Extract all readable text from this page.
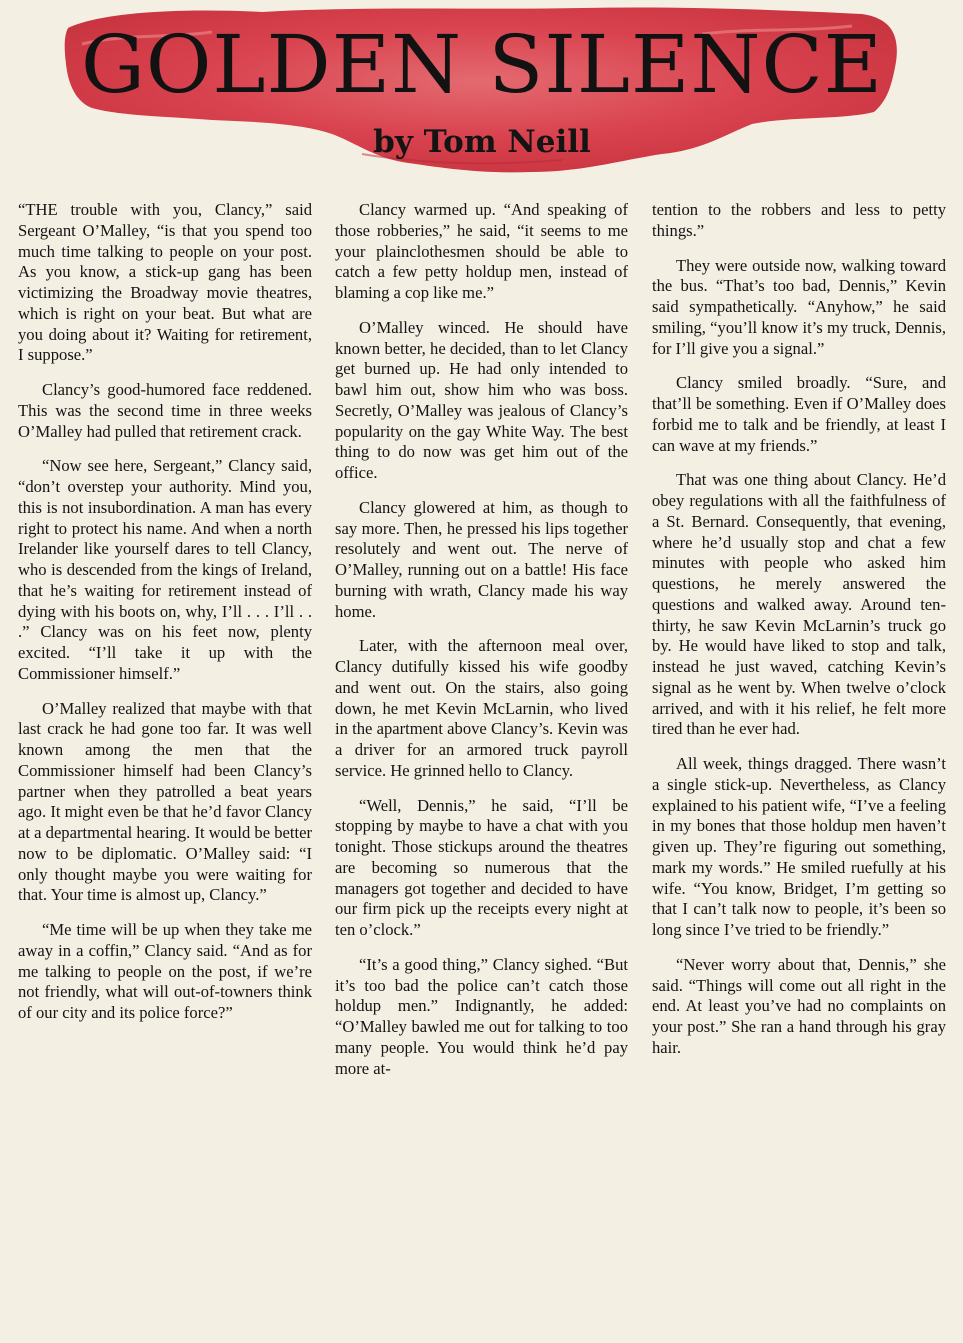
GOLDEN SILENCE
by Tom Neill

“THE trouble with you, Clancy,” said Sergeant O’Malley, “is that you spend too much time talking to people on your post. As you know, a stick-up gang has been victimizing the Broadway movie theatres, which is right on your beat. But what are you doing about it? Waiting for retirement, I suppose.”

Clancy’s good-humored face reddened. This was the second time in three weeks O’Malley had pulled that retirement crack.

“Now see here, Sergeant,” Clancy said, “don’t overstep your authority. Mind you, this is not insubordination. A man has every right to protect his name. And when a north Irelander like yourself dares to tell Clancy, who is descended from the kings of Ireland, that he’s waiting for retirement instead of dying with his boots on, why, I’ll . . . I’ll . . .” Clancy was on his feet now, plenty excited. “I’ll take it up with the Commissioner himself.”

O’Malley realized that maybe with that last crack he had gone too far. It was well known among the men that the Commissioner himself had been Clancy’s partner when they patrolled a beat years ago. It might even be that he’d favor Clancy at a departmental hearing. It would be better now to be diplomatic. O’Malley said: “I only thought maybe you were waiting for that. Your time is almost up, Clancy.”

“Me time will be up when they take me away in a coffin,” Clancy said. “And as for me talking to people on the post, if we’re not friendly, what will out-of-towners think of our city and its police force?”

Clancy warmed up. “And speaking of those robberies,” he said, “it seems to me your plainclothesmen should be able to catch a few petty holdup men, instead of blaming a cop like me.”

O’Malley winced. He should have known better, he decided, than to let Clancy get burned up. He had only intended to bawl him out, show him who was boss. Secretly, O’Malley was jealous of Clancy’s popularity on the gay White Way. The best thing to do now was get him out of the office.

Clancy glowered at him, as though to say more. Then, he pressed his lips together resolutely and went out. The nerve of O’Malley, running out on a battle! His face burning with wrath, Clancy made his way home.

Later, with the afternoon meal over, Clancy dutifully kissed his wife goodby and went out. On the stairs, also going down, he met Kevin McLarnin, who lived in the apartment above Clancy’s. Kevin was a driver for an armored truck payroll service. He grinned hello to Clancy.

“Well, Dennis,” he said, “I’ll be stopping by maybe to have a chat with you tonight. Those stickups around the theatres are becoming so numerous that the managers got together and decided to have our firm pick up the receipts every night at ten o’clock.”

“It’s a good thing,” Clancy sighed. “But it’s too bad the police can’t catch those holdup men.” Indignantly, he added: “O’Malley bawled me out for talking to too many people. You would think he’d pay more at-

tention to the robbers and less to petty things.”

They were outside now, walking toward the bus. “That’s too bad, Dennis,” Kevin said sympathetically. “Anyhow,” he said smiling, “you’ll know it’s my truck, Dennis, for I’ll give you a signal.”

Clancy smiled broadly. “Sure, and that’ll be something. Even if O’Malley does forbid me to talk and be friendly, at least I can wave at my friends.”

That was one thing about Clancy. He’d obey regulations with all the faithfulness of a St. Bernard. Consequently, that evening, where he’d usually stop and chat a few minutes with people who asked him questions, he merely answered the questions and walked away. Around ten-thirty, he saw Kevin McLarnin’s truck go by. He would have liked to stop and talk, instead he just waved, catching Kevin’s signal as he went by. When twelve o’clock arrived, and with it his relief, he felt more tired than he ever had.

All week, things dragged. There wasn’t a single stick-up. Nevertheless, as Clancy explained to his patient wife, “I’ve a feeling in my bones that those holdup men haven’t given up. They’re figuring out something, mark my words.” He smiled ruefully at his wife. “You know, Bridget, I’m getting so that I can’t talk now to people, it’s been so long since I’ve tried to be friendly.”

“Never worry about that, Dennis,” she said. “Things will come out all right in the end. At least you’ve had no complaints on your post.” She ran a hand through his gray hair.
